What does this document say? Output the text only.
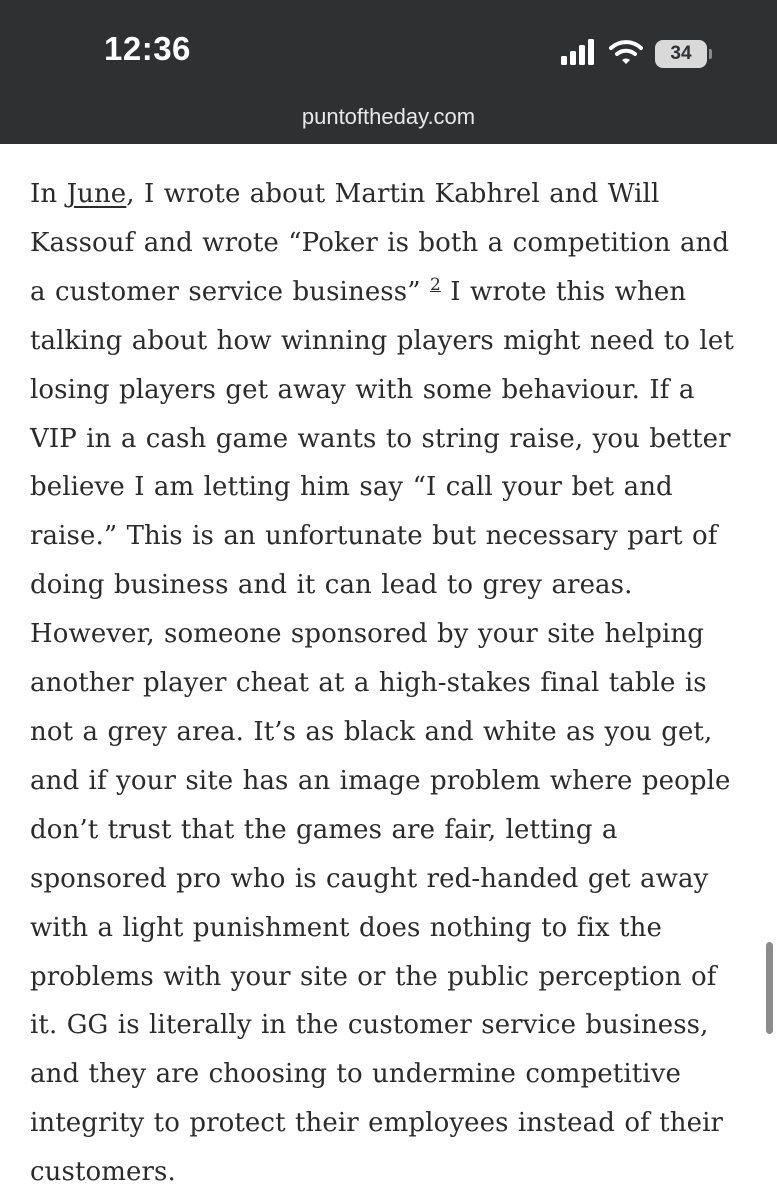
12:36	34
puntoftheday.com
In June, I wrote about Martin Kabhrel and Will Kassouf and wrote “Poker is both a competition and a customer service business” $^2$ I wrote this when talking about how winning players might need to let losing players get away with some behaviour. If a VIP in a cash game wants to string raise, you better believe I am letting him say “I call your bet and raise.” This is an unfortunate but necessary part of doing business and it can lead to grey areas. However, someone sponsored by your site helping another player cheat at a high-stakes final table is not a grey area. It’s as black and white as you get, and if your site has an image problem where people don’t trust that the games are fair, letting a sponsored pro who is caught red-handed get away with a light punishment does nothing to fix the problems with your site or the public perception of it. GG is literally in the customer service business, and they are choosing to undermine competitive integrity to protect their employees instead of their customers.
